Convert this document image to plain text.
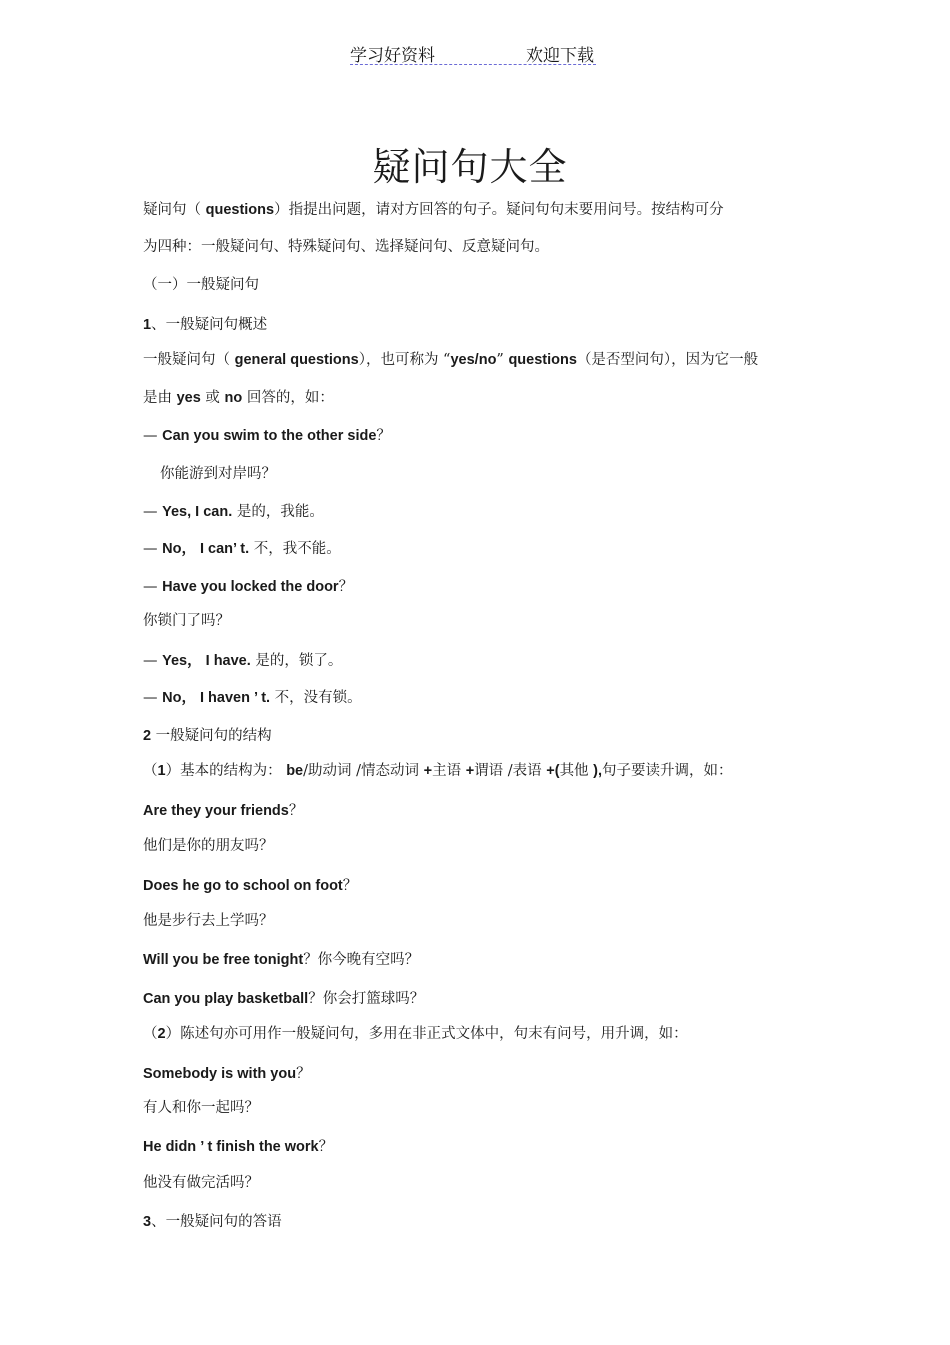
学习好资料	欢迎下载
疑问句大全
疑问句（ questions）指提出问题，请对方回答的句子。疑问句句末要用问号。按结构可分
为四种：一般疑问句、特殊疑问句、选择疑问句、反意疑问句。
（一）一般疑问句
1、一般疑问句概述
一般疑问句（ general questions），也可称为 “yes/no” questions（是否型问句），因为它一般
是由 yes 或 no 回答的，如：
— Can you swim to the other side？
你能游到对岸吗？
— Yes, I can. 是的，我能。
— No， I can’ t. 不，我不能。
— Have you locked the door？
你锁门了吗？
— Yes， I have. 是的，锁了。
— No， I haven ’ t. 不，没有锁。
2 一般疑问句的结构
（1）基本的结构为： be/助动词 /情态动词 +主语 +谓语 /表语 +(其他 ),句子要读升调，如：
Are they your friends？
他们是你的朋友吗？
Does he go to school on foot？
他是步行去上学吗？
Will you be free tonight？你今晚有空吗？
Can you play basketball？你会打篮球吗？
（2）陈述句亦可用作一般疑问句，多用在非正式文体中，句末有问号，用升调，如：
Somebody is with you？
有人和你一起吗？
He didn ’ t finish the work？
他没有做完活吗？
3、一般疑问句的答语
